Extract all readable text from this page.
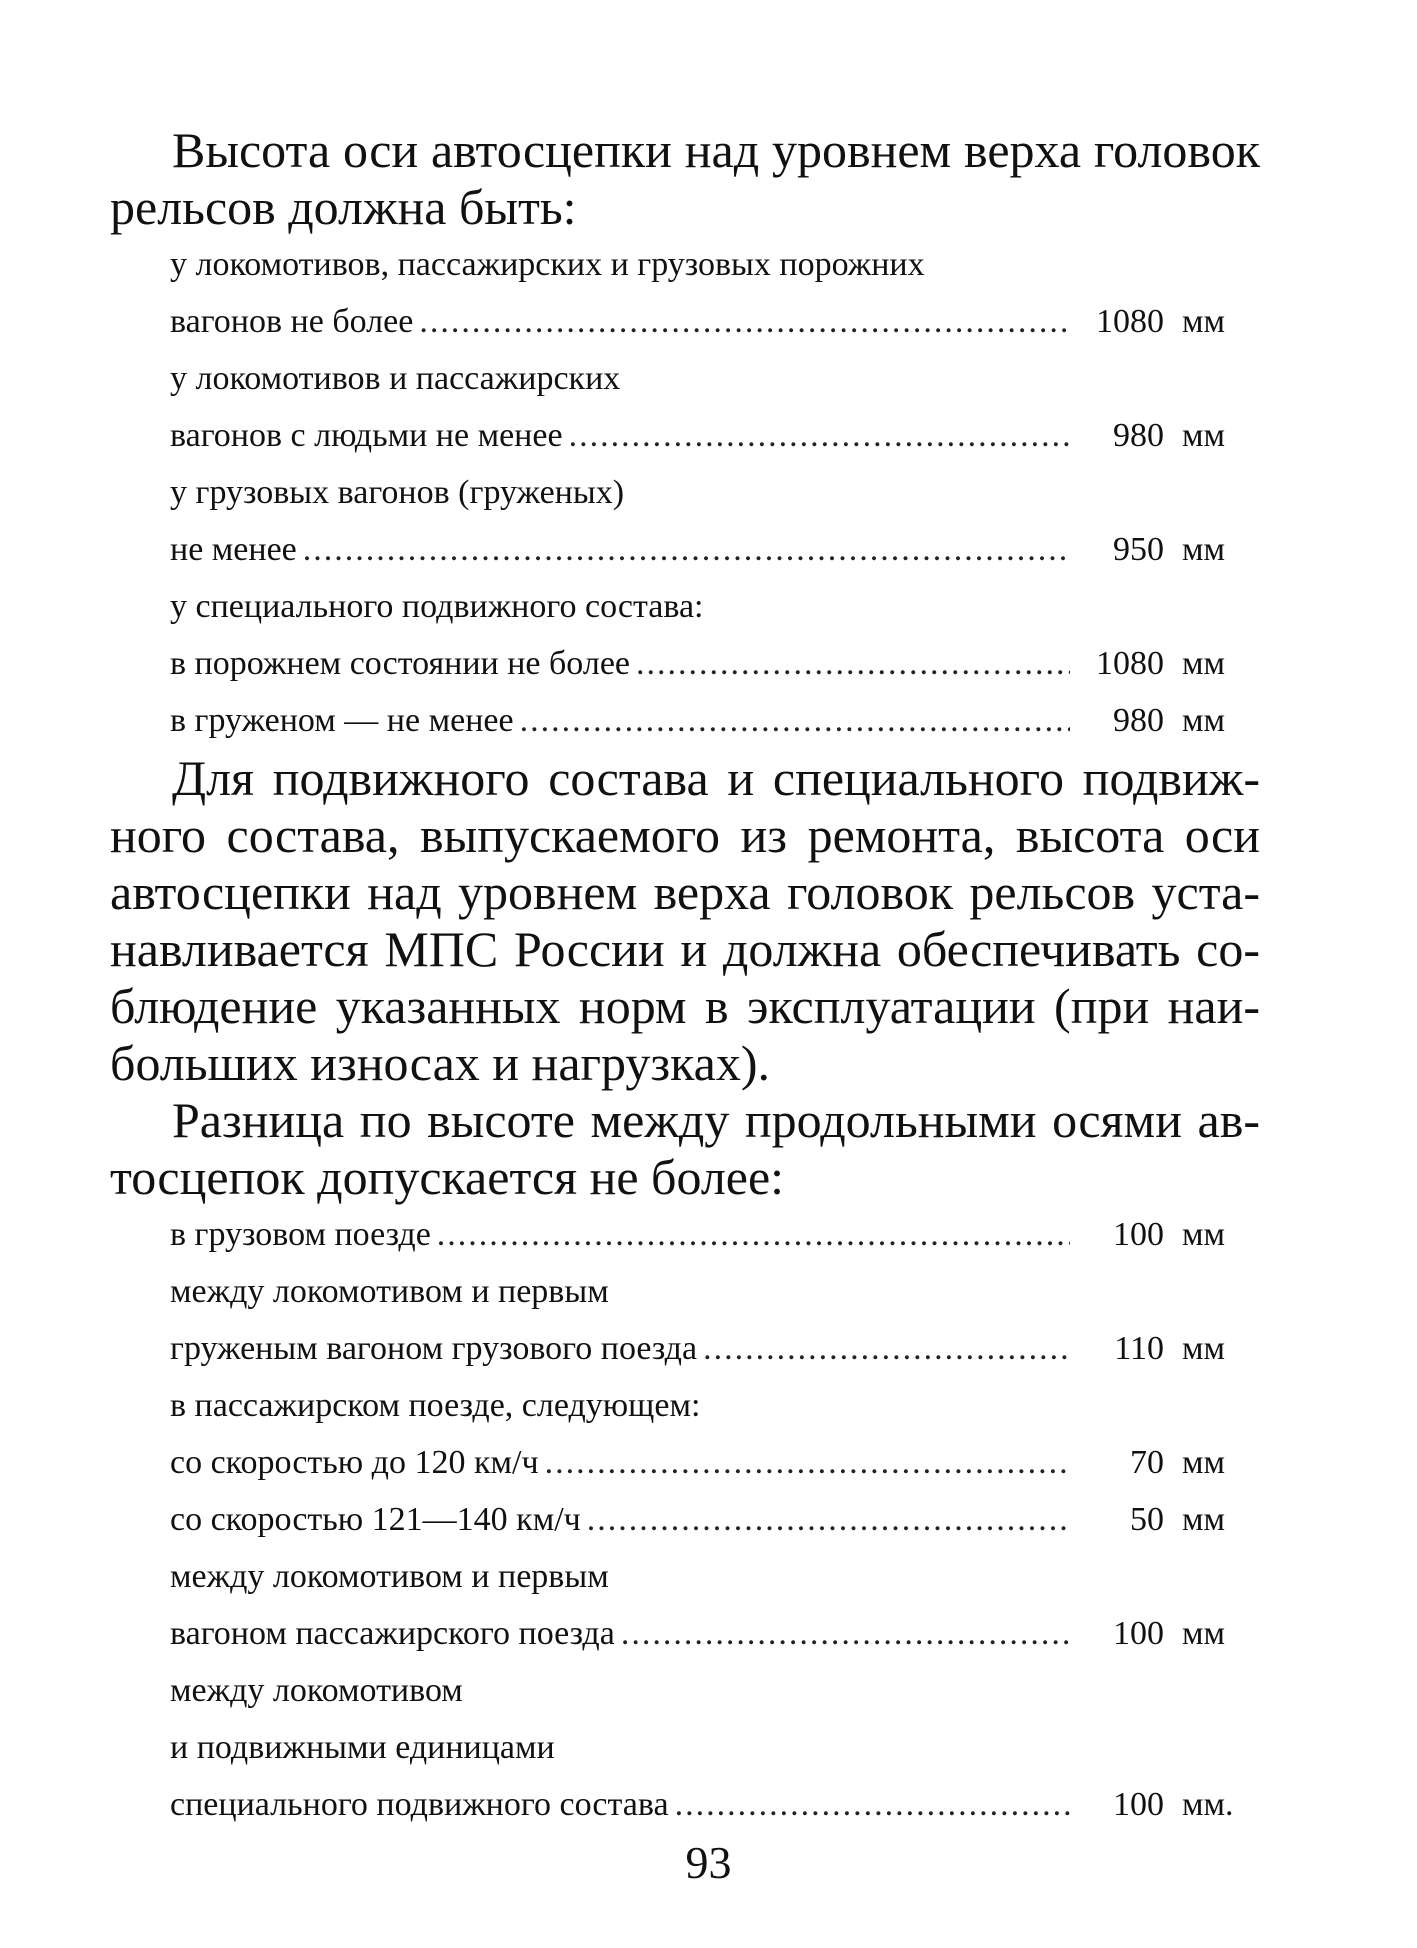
Высота оси автосцепки над уровнем верха головок
рельсов должна быть:
у локомотивов, пассажирских и грузовых порожних
вагонов не более .....	1080 мм
у локомотивов и пассажирских
вагонов с людьми не менее .....	980 мм
у грузовых вагонов (груженых)
не менее .....	950 мм
у специального подвижного состава:
в порожнем состоянии не более .....	1080 мм
в груженом — не менее .....	980 мм
Для подвижного состава и специального подвиж-
ного состава, выпускаемого из ремонта, высота оси
автосцепки над уровнем верха головок рельсов уста-
навливается МПС России и должна обеспечивать со-
блюдение указанных норм в эксплуатации (при наи-
больших износах и нагрузках).
Разница по высоте между продольными осями ав-
тосцепок допускается не более:
в грузовом поезде .....	100 мм
между локомотивом и первым
груженым вагоном грузового поезда .....	110 мм
в пассажирском поезде, следующем:
со скоростью до 120 км/ч .....	70 мм
со скоростью 121—140 км/ч .....	50 мм
между локомотивом и первым
вагоном пассажирского поезда .....	100 мм
между локомотивом
и подвижными единицами
специального подвижного состава .....	100 мм.
93
